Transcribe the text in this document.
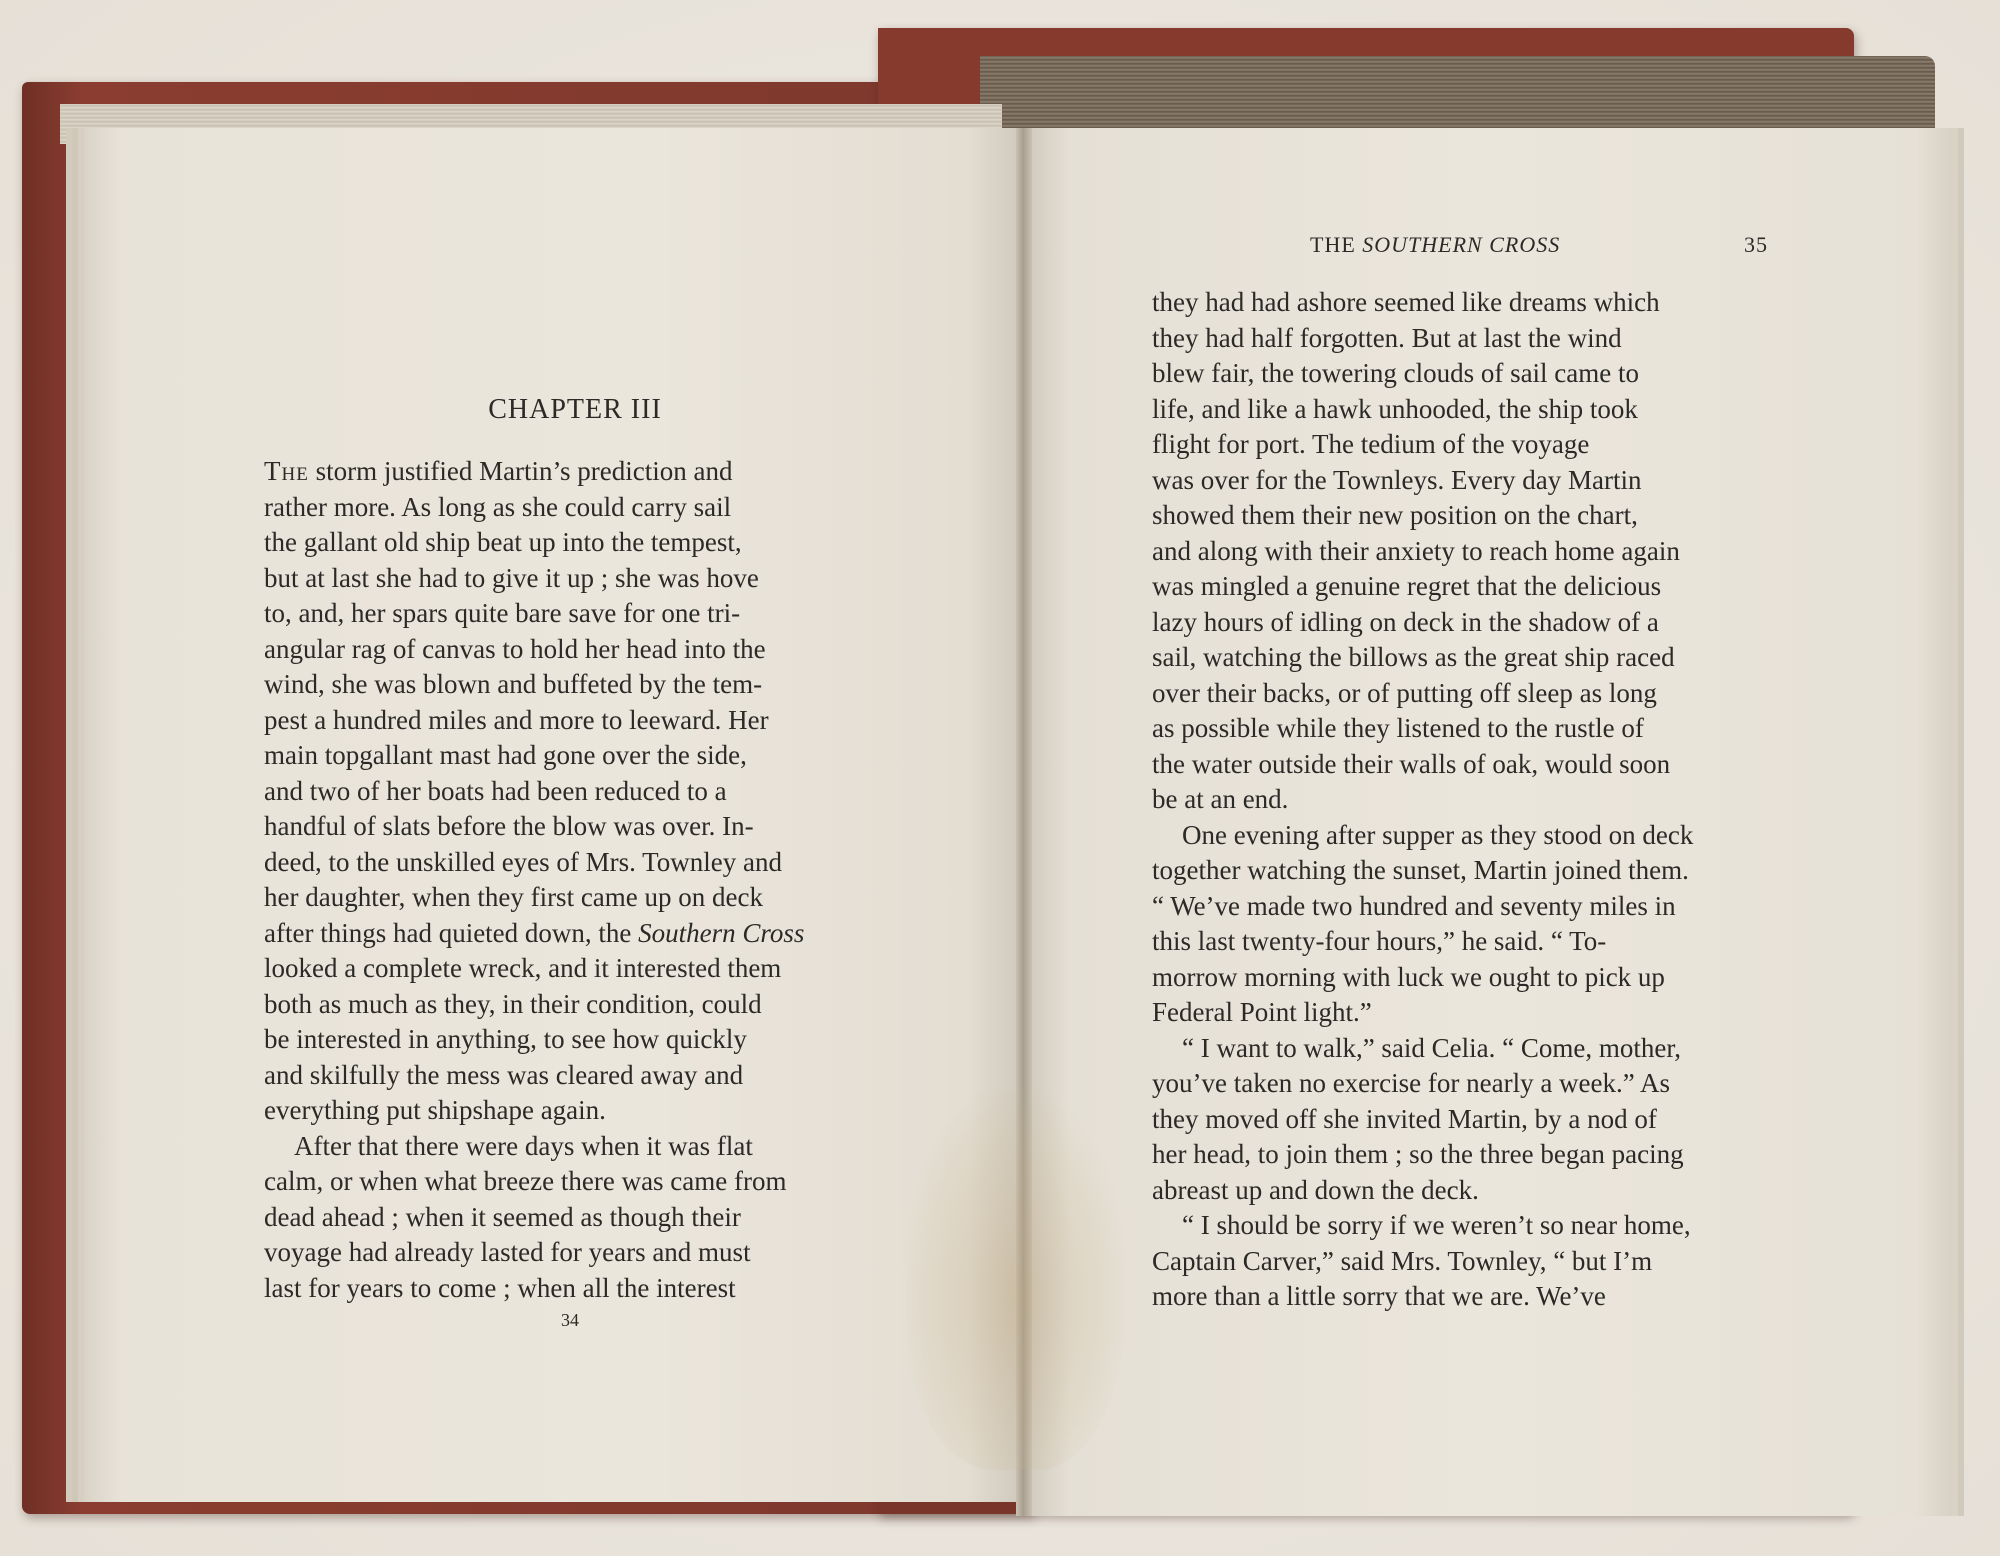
CHAPTER III

The storm justified Martin’s prediction and
rather more. As long as she could carry sail
the gallant old ship beat up into the tempest,
but at last she had to give it up ; she was hove
to, and, her spars quite bare save for one tri-
angular rag of canvas to hold her head into the
wind, she was blown and buffeted by the tem-
pest a hundred miles and more to leeward. Her
main topgallant mast had gone over the side,
and two of her boats had been reduced to a
handful of slats before the blow was over. In-
deed, to the unskilled eyes of Mrs. Townley and
her daughter, when they first came up on deck
after things had quieted down, the Southern Cross
looked a complete wreck, and it interested them
both as much as they, in their condition, could
be interested in anything, to see how quickly
and skilfully the mess was cleared away and
everything put shipshape again.

After that there were days when it was flat
calm, or when what breeze there was came from
dead ahead ; when it seemed as though their
voyage had already lasted for years and must
last for years to come ; when all the interest

34
THE SOUTHERN CROSS	35

they had had ashore seemed like dreams which
they had half forgotten. But at last the wind
blew fair, the towering clouds of sail came to
life, and like a hawk unhooded, the ship took
flight for port. The tedium of the voyage
was over for the Townleys. Every day Martin
showed them their new position on the chart,
and along with their anxiety to reach home again
was mingled a genuine regret that the delicious
lazy hours of idling on deck in the shadow of a
sail, watching the billows as the great ship raced
over their backs, or of putting off sleep as long
as possible while they listened to the rustle of
the water outside their walls of oak, would soon
be at an end.

One evening after supper as they stood on deck
together watching the sunset, Martin joined them.
“ We’ve made two hundred and seventy miles in
this last twenty-four hours,” he said. “ To-
morrow morning with luck we ought to pick up
Federal Point light.”

“ I want to walk,” said Celia. “ Come, mother,
you’ve taken no exercise for nearly a week.” As
they moved off she invited Martin, by a nod of
her head, to join them ; so the three began pacing
abreast up and down the deck.

“ I should be sorry if we weren’t so near home,
Captain Carver,” said Mrs. Townley, “ but I’m
more than a little sorry that we are. We’ve
